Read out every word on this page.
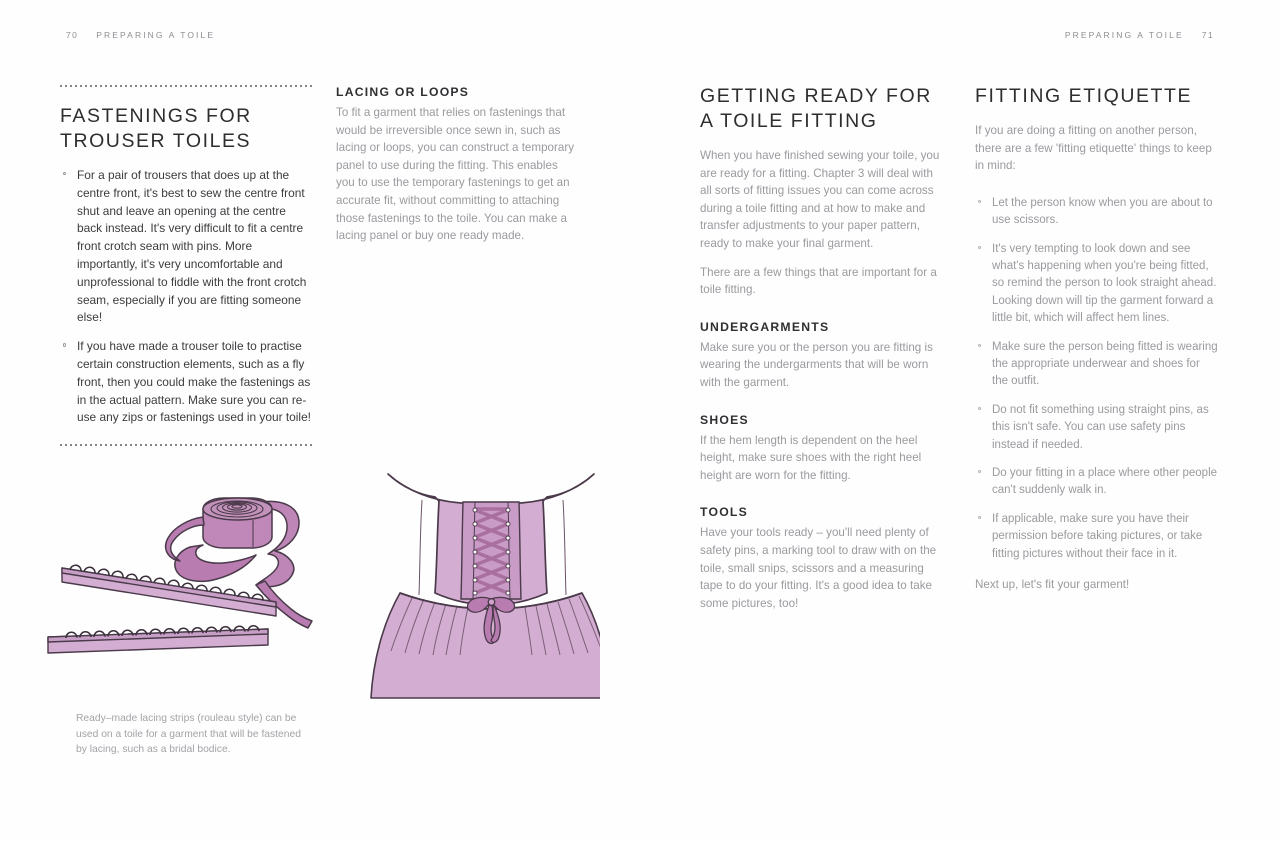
70 PREPARING A TOILE	PREPARING A TOILE 71
FASTENINGS FOR TROUSER TOILES
For a pair of trousers that does up at the centre front, it's best to sew the centre front shut and leave an opening at the centre back instead. It's very difficult to fit a centre front crotch seam with pins. More importantly, it's very uncomfortable and unprofessional to fiddle with the front crotch seam, especially if you are fitting someone else!
If you have made a trouser toile to practise certain construction elements, such as a fly front, then you could make the fastenings as in the actual pattern. Make sure you can re-use any zips or fastenings used in your toile!
LACING OR LOOPS

To fit a garment that relies on fastenings that would be irreversible once sewn in, such as lacing or loops, you can construct a temporary panel to use during the fitting. This enables you to use the temporary fastenings to get an accurate fit, without committing to attaching those fastenings to the toile. You can make a lacing panel or buy one ready made.

GETTING READY FOR A TOILE FITTING

When you have finished sewing your toile, you are ready for a fitting. Chapter 3 will deal with all sorts of fitting issues you can come across during a toile fitting and at how to make and transfer adjustments to your paper pattern, ready to make your final garment.

There are a few things that are important for a toile fitting.

UNDERGARMENTS

Make sure you or the person you are fitting is wearing the undergarments that will be worn with the garment.

SHOES

If the hem length is dependent on the heel height, make sure shoes with the right heel height are worn for the fitting.

TOOLS

Have your tools ready – you'll need plenty of safety pins, a marking tool to draw with on the toile, small snips, scissors and a measuring tape to do your fitting. It's a good idea to take some pictures, too!

FITTING ETIQUETTE

If you are doing a fitting on another person, there are a few 'fitting etiquette' things to keep in mind:

Let the person know when you are about to use scissors.
It's very tempting to look down and see what's happening when you're being fitted, so remind the person to look straight ahead. Looking down will tip the garment forward a little bit, which will affect hem lines.
Make sure the person being fitted is wearing the appropriate underwear and shoes for the outfit.
Do not fit something using straight pins, as this isn't safe. You can use safety pins instead if needed.
Do your fitting in a place where other people can't suddenly walk in.
If applicable, make sure you have their permission before taking pictures, or take fitting pictures without their face in it.

Next up, let's fit your garment!

Ready–made lacing strips (rouleau style) can be used on a toile for a garment that will be fastened by lacing, such as a bridal bodice.
